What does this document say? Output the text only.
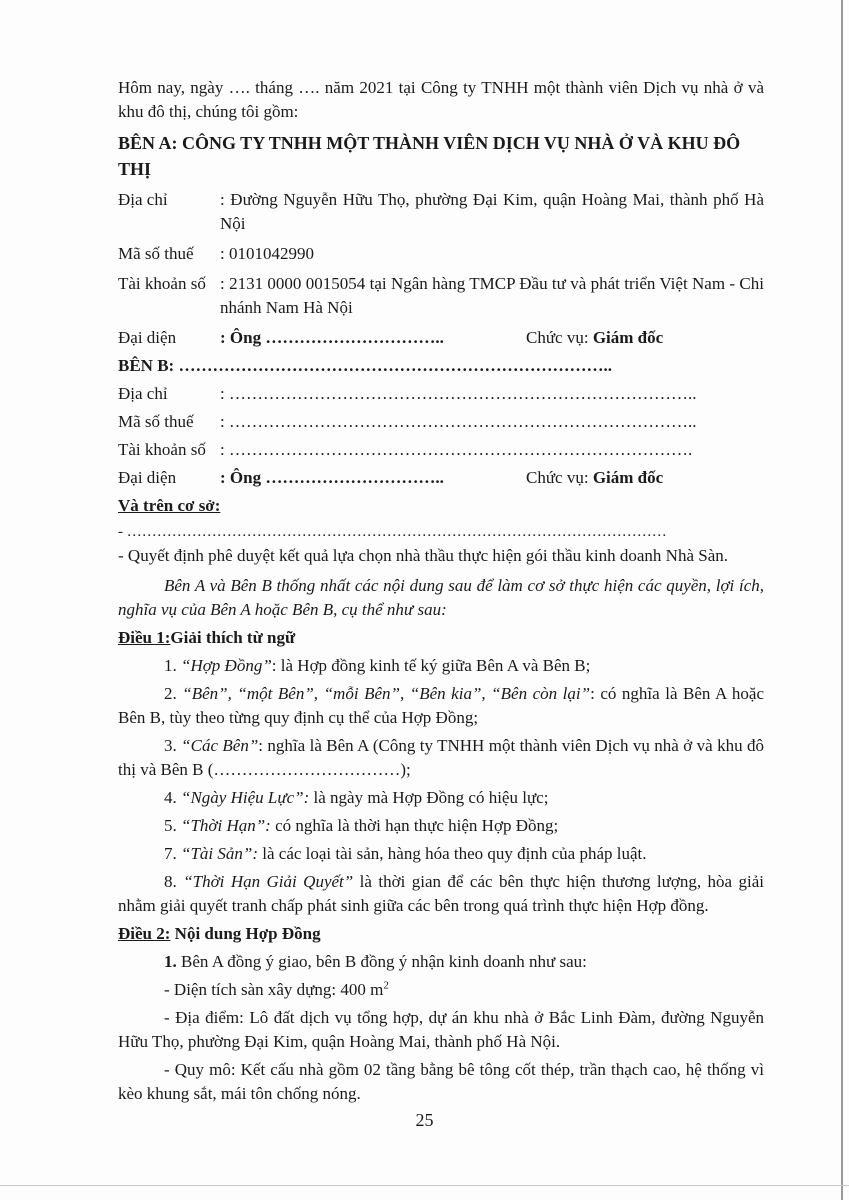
Hôm nay, ngày …. tháng …. năm 2021 tại Công ty TNHH một thành viên Dịch vụ nhà ở và khu đô thị, chúng tôi gồm:

BÊN A: CÔNG TY TNHH MỘT THÀNH VIÊN DỊCH VỤ NHÀ Ở VÀ KHU ĐÔ THỊ
Địa chỉ	: Đường Nguyễn Hữu Thọ, phường Đại Kim, quận Hoàng Mai, thành phố Hà Nội
Mã số thuế	: 0101042990
Tài khoản số : 2131 0000 0015054 tại Ngân hàng TMCP Đầu tư và phát triển Việt Nam - Chi nhánh Nam Hà Nội
Đại diện	: Ông …………………………..	Chức vụ: Giám đốc
BÊN B: …………………………………………………………………..
Địa chỉ	: ………………………………………………………………………..
Mã số thuế	: ………………………………………………………………………..
Tài khoản số : ……………………………………………………………………….
Đại diện	: Ông …………………………..	Chức vụ: Giám đốc
Và trên cơ sở:

- ………………………………………………………………………………………………

- Quyết định phê duyệt kết quả lựa chọn nhà thầu thực hiện gói thầu kinh doanh Nhà Sàn.

Bên A và Bên B thống nhất các nội dung sau để làm cơ sở thực hiện các quyền, lợi ích, nghĩa vụ của Bên A hoặc Bên B, cụ thể như sau:

Điều 1:Giải thích từ ngữ

1. “Hợp Đồng”: là Hợp đồng kinh tế ký giữa Bên A và Bên B;

2. “Bên”, “một Bên”, “mỗi Bên”, “Bên kia”, “Bên còn lại”: có nghĩa là Bên A hoặc Bên B, tùy theo từng quy định cụ thể của Hợp Đồng;

3. “Các Bên”: nghĩa là Bên A (Công ty TNHH một thành viên Dịch vụ nhà ở và khu đô thị và Bên B (……………………………);

4. “Ngày Hiệu Lực”: là ngày mà Hợp Đồng có hiệu lực;

5. “Thời Hạn”: có nghĩa là thời hạn thực hiện Hợp Đồng;

7. “Tài Sản”: là các loại tài sản, hàng hóa theo quy định của pháp luật.

8. “Thời Hạn Giải Quyết” là thời gian để các bên thực hiện thương lượng, hòa giải nhằm giải quyết tranh chấp phát sinh giữa các bên trong quá trình thực hiện Hợp đồng.

Điều 2: Nội dung Hợp Đồng

1. Bên A đồng ý giao, bên B đồng ý nhận kinh doanh như sau:

- Diện tích sàn xây dựng: 400 $m^2$

- Địa điểm: Lô đất dịch vụ tổng hợp, dự án khu nhà ở Bắc Linh Đàm, đường Nguyễn Hữu Thọ, phường Đại Kim, quận Hoàng Mai, thành phố Hà Nội.

- Quy mô: Kết cấu nhà gồm 02 tầng bằng bê tông cốt thép, trần thạch cao, hệ thống vì kèo khung sắt, mái tôn chống nóng.

25
